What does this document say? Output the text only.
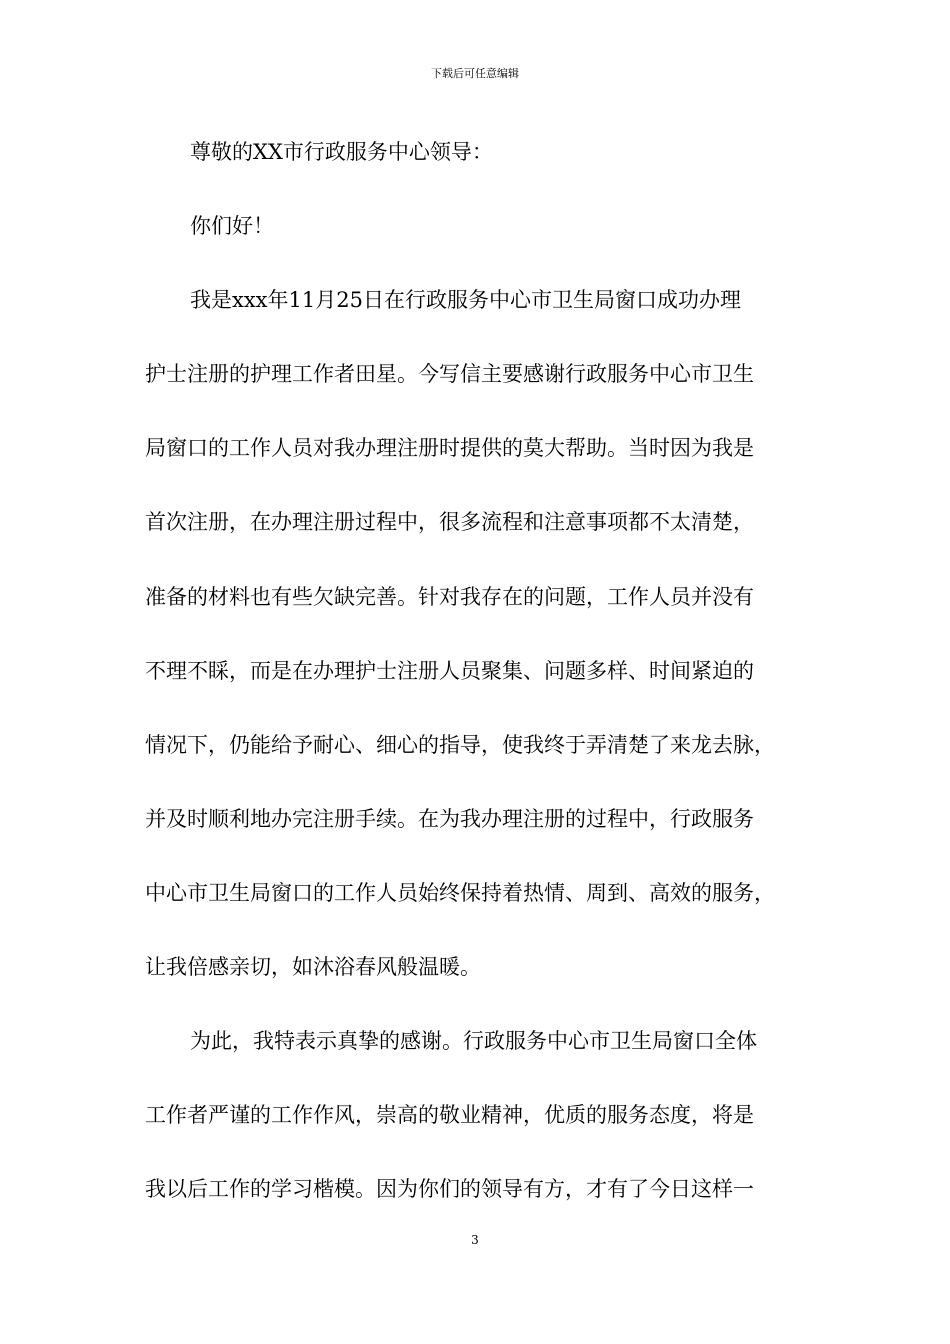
下载后可任意编辑
尊敬的XX市行政服务中心领导：
你们好！
我是xxx年11月25日在行政服务中心市卫生局窗口成功办理
护士注册的护理工作者田星。今写信主要感谢行政服务中心市卫生
局窗口的工作人员对我办理注册时提供的莫大帮助。当时因为我是
首次注册，在办理注册过程中，很多流程和注意事项都不太清楚，
准备的材料也有些欠缺完善。针对我存在的问题，工作人员并没有
不理不睬，而是在办理护士注册人员聚集、问题多样、时间紧迫的
情况下，仍能给予耐心、细心的指导，使我终于弄清楚了来龙去脉，
并及时顺利地办完注册手续。在为我办理注册的过程中，行政服务
中心市卫生局窗口的工作人员始终保持着热情、周到、高效的服务，
让我倍感亲切，如沐浴春风般温暖。
为此，我特表示真挚的感谢。行政服务中心市卫生局窗口全体
工作者严谨的工作作风，崇高的敬业精神，优质的服务态度，将是
我以后工作的学习楷模。因为你们的领导有方，才有了今日这样一
3
